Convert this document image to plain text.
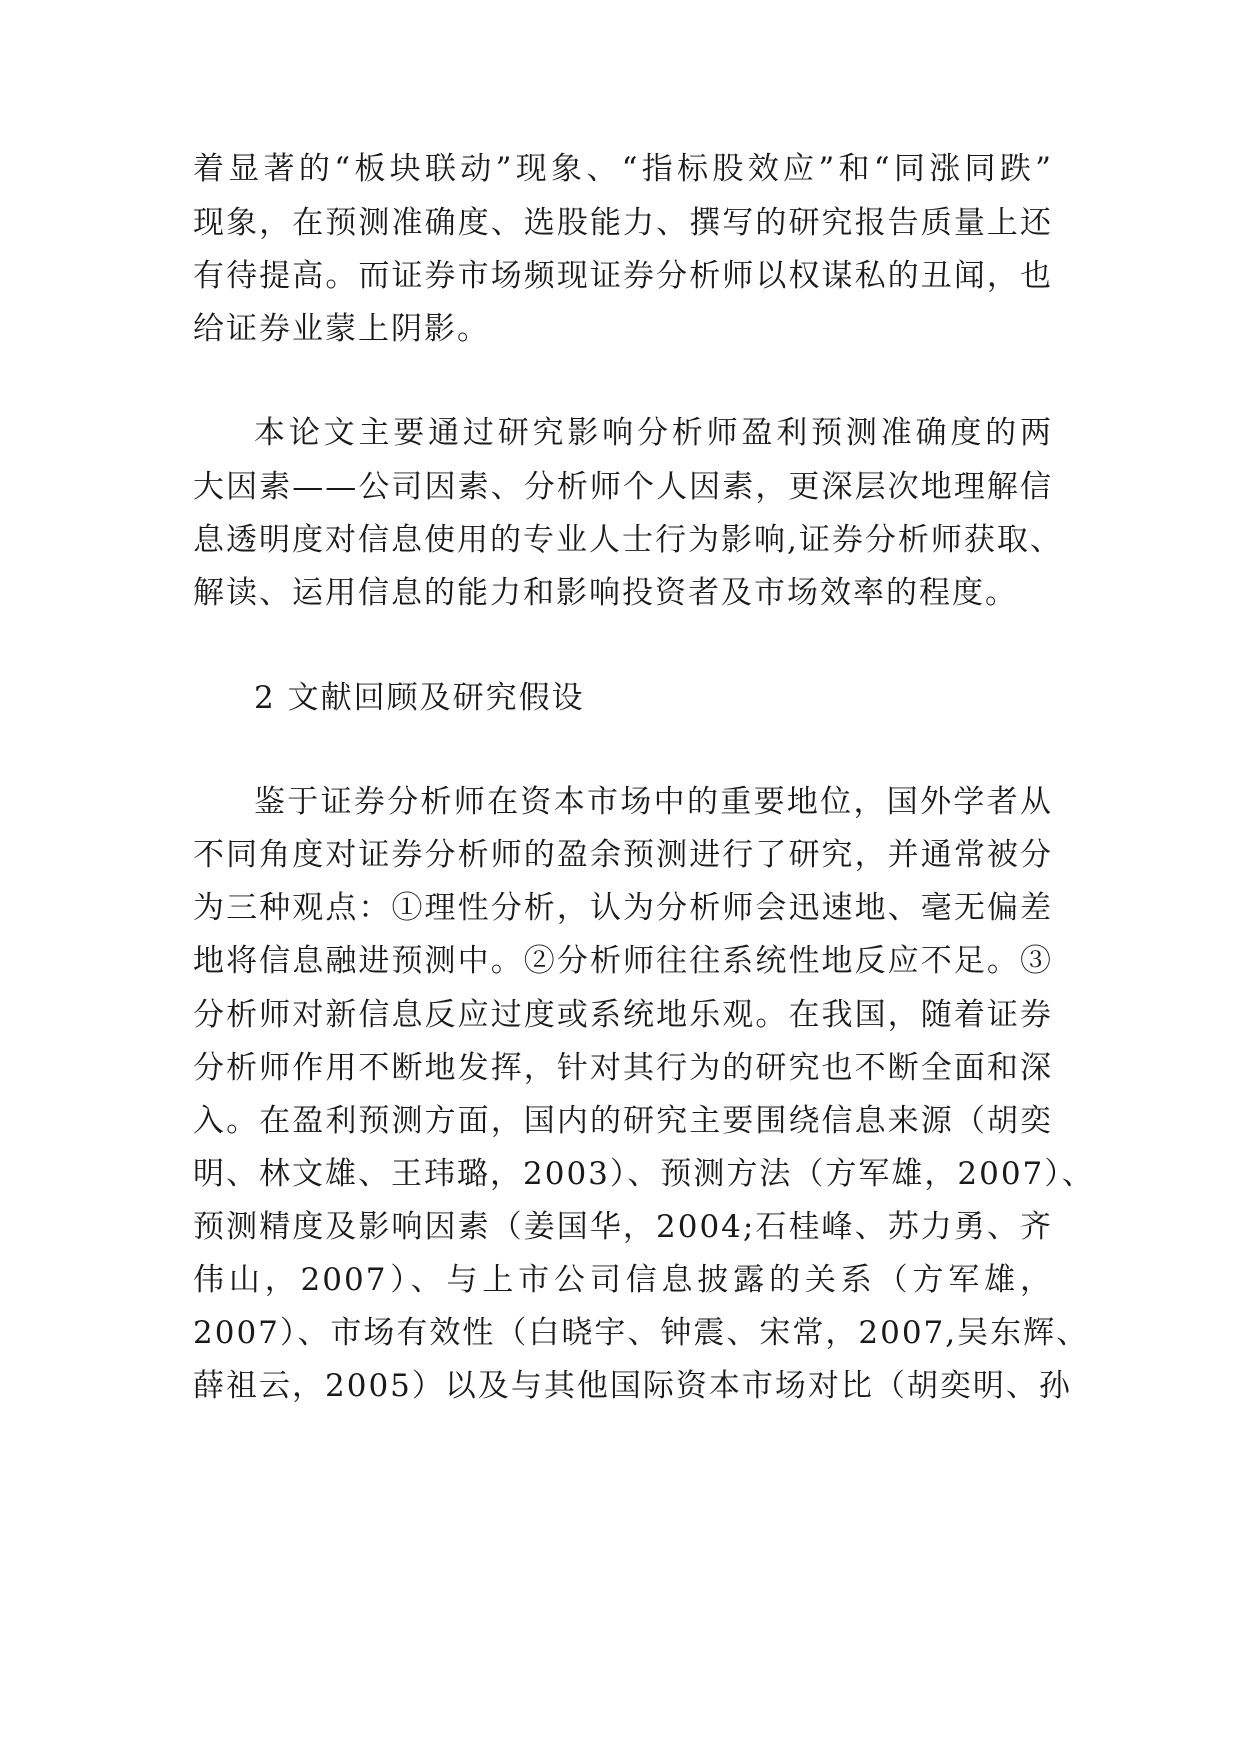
着显著的“板块联动”现象、“指标股效应”和“同涨同跌”
现象，在预测准确度、选股能力、撰写的研究报告质量上还
有待提高。而证券市场频现证券分析师以权谋私的丑闻，也
给证券业蒙上阴影。
本论文主要通过研究影响分析师盈利预测准确度的两
大因素——公司因素、分析师个人因素，更深层次地理解信
息透明度对信息使用的专业人士行为影响,证券分析师获取、
解读、运用信息的能力和影响投资者及市场效率的程度。
2 文献回顾及研究假设
鉴于证券分析师在资本市场中的重要地位，国外学者从
不同角度对证券分析师的盈余预测进行了研究，并通常被分
为三种观点：①理性分析，认为分析师会迅速地、毫无偏差
地将信息融进预测中。②分析师往往系统性地反应不足。③
分析师对新信息反应过度或系统地乐观。在我国，随着证券
分析师作用不断地发挥，针对其行为的研究也不断全面和深
入。在盈利预测方面，国内的研究主要围绕信息来源（胡奕
明、林文雄、王玮璐，2003）、预测方法（方军雄，2007）、
预测精度及影响因素（姜国华，2004;石桂峰、苏力勇、齐
伟山，2007）、与上市公司信息披露的关系（方军雄，
2007）、市场有效性（白晓宇、钟震、宋常，2007,吴东辉、
薛祖云，2005）以及与其他国际资本市场对比（胡奕明、孙
